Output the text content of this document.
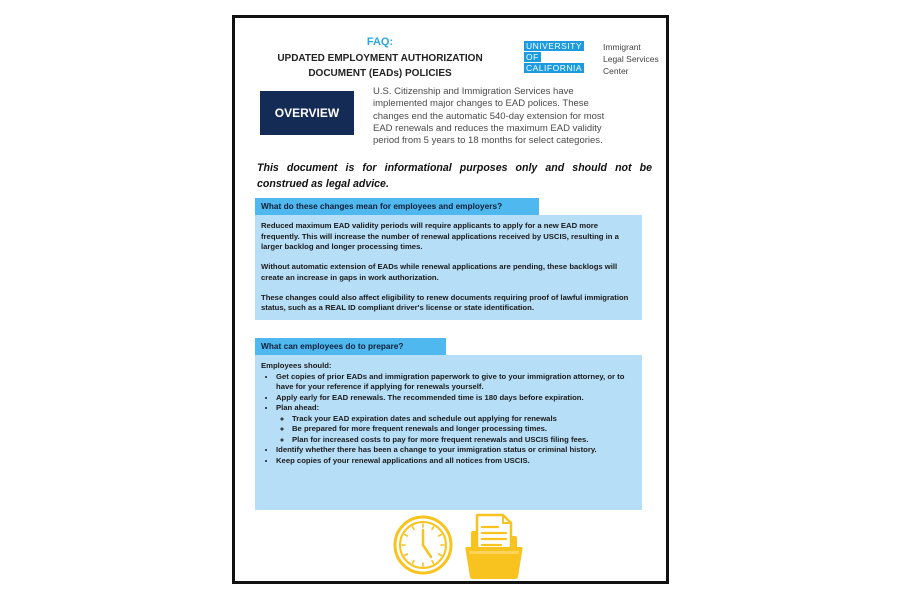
FAQ:
UPDATED EMPLOYMENT AUTHORIZATION
DOCUMENT (EADs) POLICIES
UNIVERSITY
OF
CALIFORNIA
Immigrant
Legal Services
Center
OVERVIEW
U.S. Citizenship and Immigration Services have
implemented major changes to EAD polices. These
changes end the automatic 540-day extension for most
EAD renewals and reduces the maximum EAD validity
period from 5 years to 18 months for select categories.
This document is for informational purposes only and should not be construed as legal advice.
What do these changes mean for employees and employers?

Reduced maximum EAD validity periods will require applicants to apply for a new EAD more frequently. This will increase the number of renewal applications received by USCIS, resulting in a larger backlog and longer processing times.

Without automatic extension of EADs while renewal applications are pending, these backlogs will create an increase in gaps in work authorization.

These changes could also affect eligibility to renew documents requiring proof of lawful immigration status, such as a REAL ID compliant driver's license or state identification.

What can employees do to prepare?
Employees should:
• Get copies of prior EADs and immigration paperwork to give to your immigration attorney, or to have for your reference if applying for renewals yourself.
• Apply early for EAD renewals. The recommended time is 180 days before expiration.
• Plan ahead:
◦ Track your EAD expiration dates and schedule out applying for renewals
◦ Be prepared for more frequent renewals and longer processing times.
◦ Plan for increased costs to pay for more frequent renewals and USCIS filing fees.
• Identify whether there has been a change to your immigration status or criminal history.
• Keep copies of your renewal applications and all notices from USCIS.
